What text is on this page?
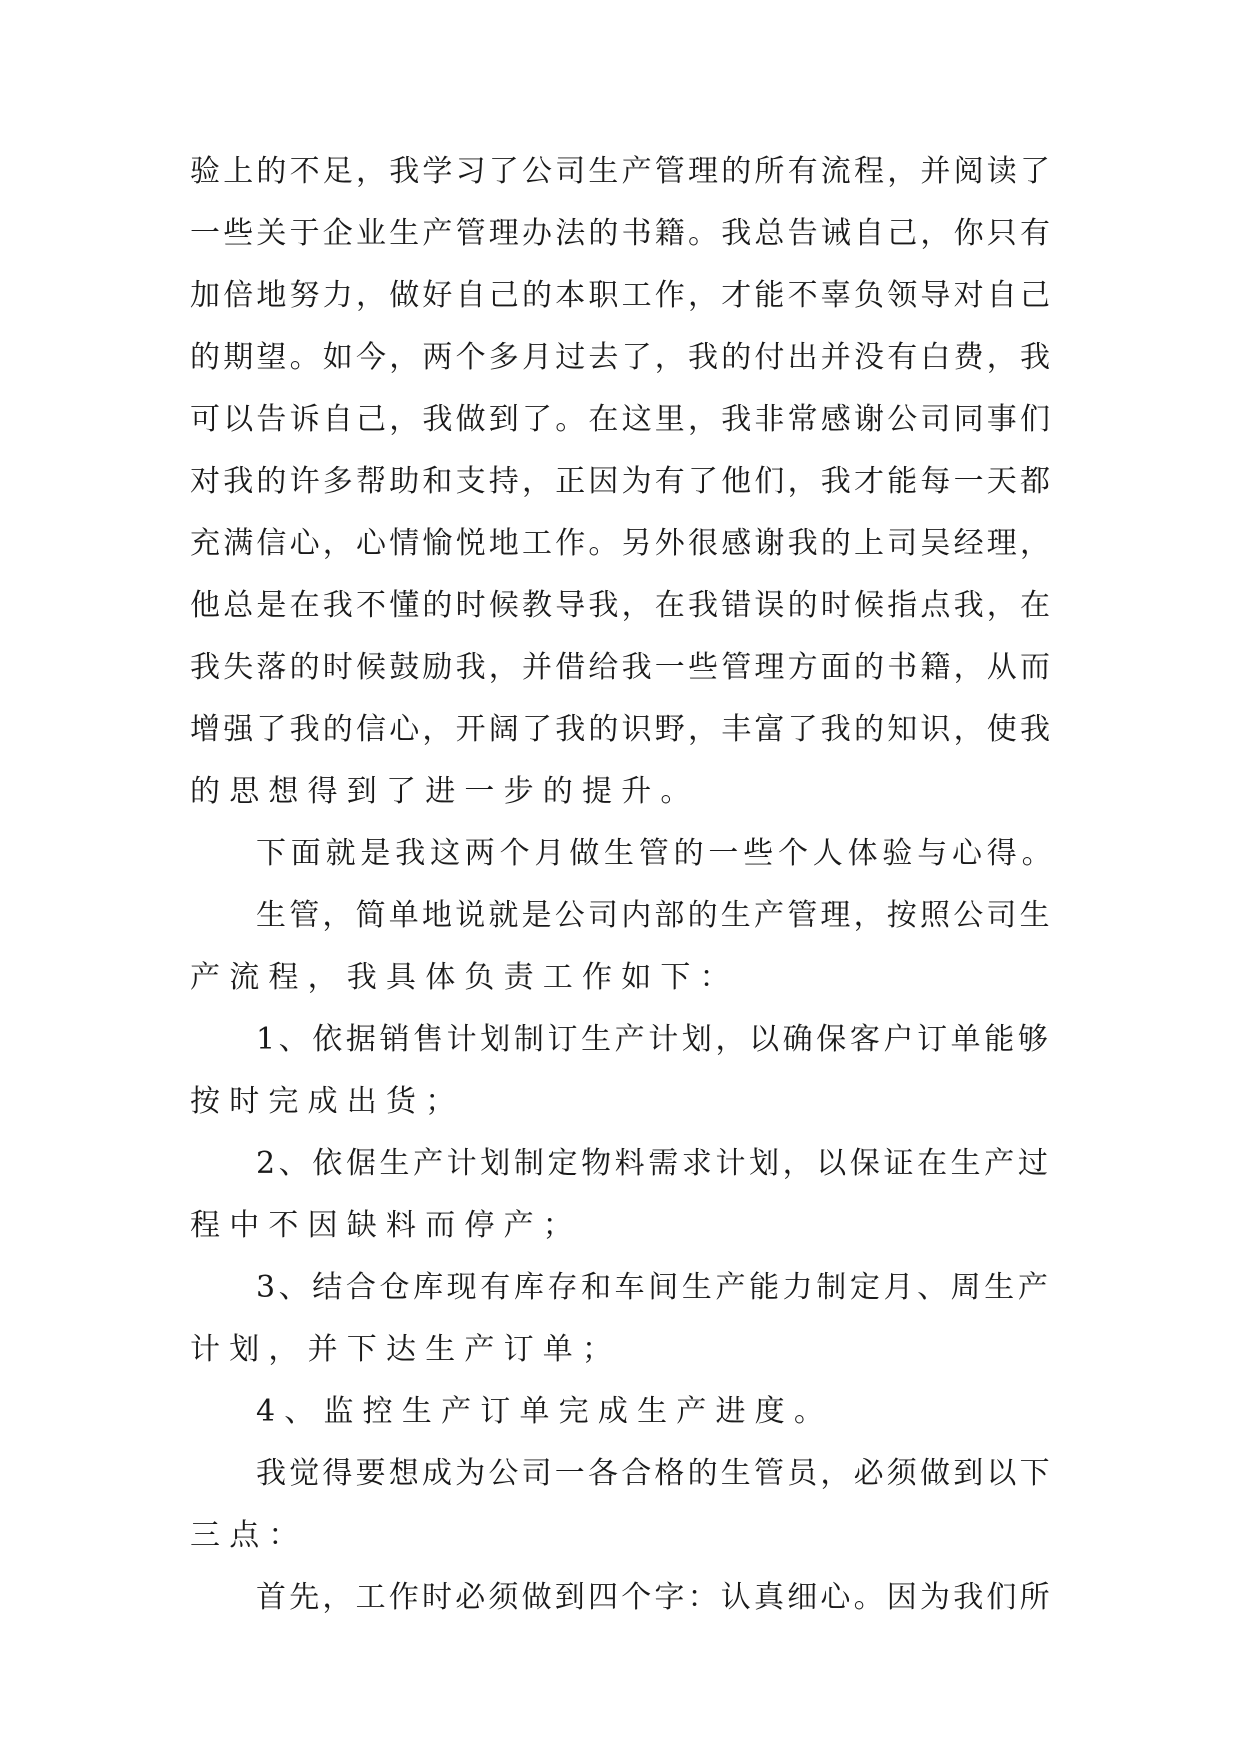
验上的不足，我学习了公司生产管理的所有流程，并阅读了
一些关于企业生产管理办法的书籍。我总告诫自己，你只有
加倍地努力，做好自己的本职工作，才能不辜负领导对自己
的期望。如今，两个多月过去了，我的付出并没有白费，我
可以告诉自己，我做到了。在这里，我非常感谢公司同事们
对我的许多帮助和支持，正因为有了他们，我才能每一天都
充满信心，心情愉悦地工作。另外很感谢我的上司吴经理，
他总是在我不懂的时候教导我，在我错误的时候指点我，在
我失落的时候鼓励我，并借给我一些管理方面的书籍，从而
增强了我的信心，开阔了我的识野，丰富了我的知识，使我
的思想得到了进一步的提升。
下面就是我这两个月做生管的一些个人体验与心得。
生管，简单地说就是公司内部的生产管理，按照公司生
产流程，我具体负责工作如下：
1、依据销售计划制订生产计划，以确保客户订单能够
按时完成出货；
2、依倨生产计划制定物料需求计划，以保证在生产过
程中不因缺料而停产；
3、结合仓库现有库存和车间生产能力制定月、周生产
计划，并下达生产订单；
4、监控生产订单完成生产进度。
我觉得要想成为公司一各合格的生管员，必须做到以下
三点：
首先，工作时必须做到四个字：认真细心。因为我们所
